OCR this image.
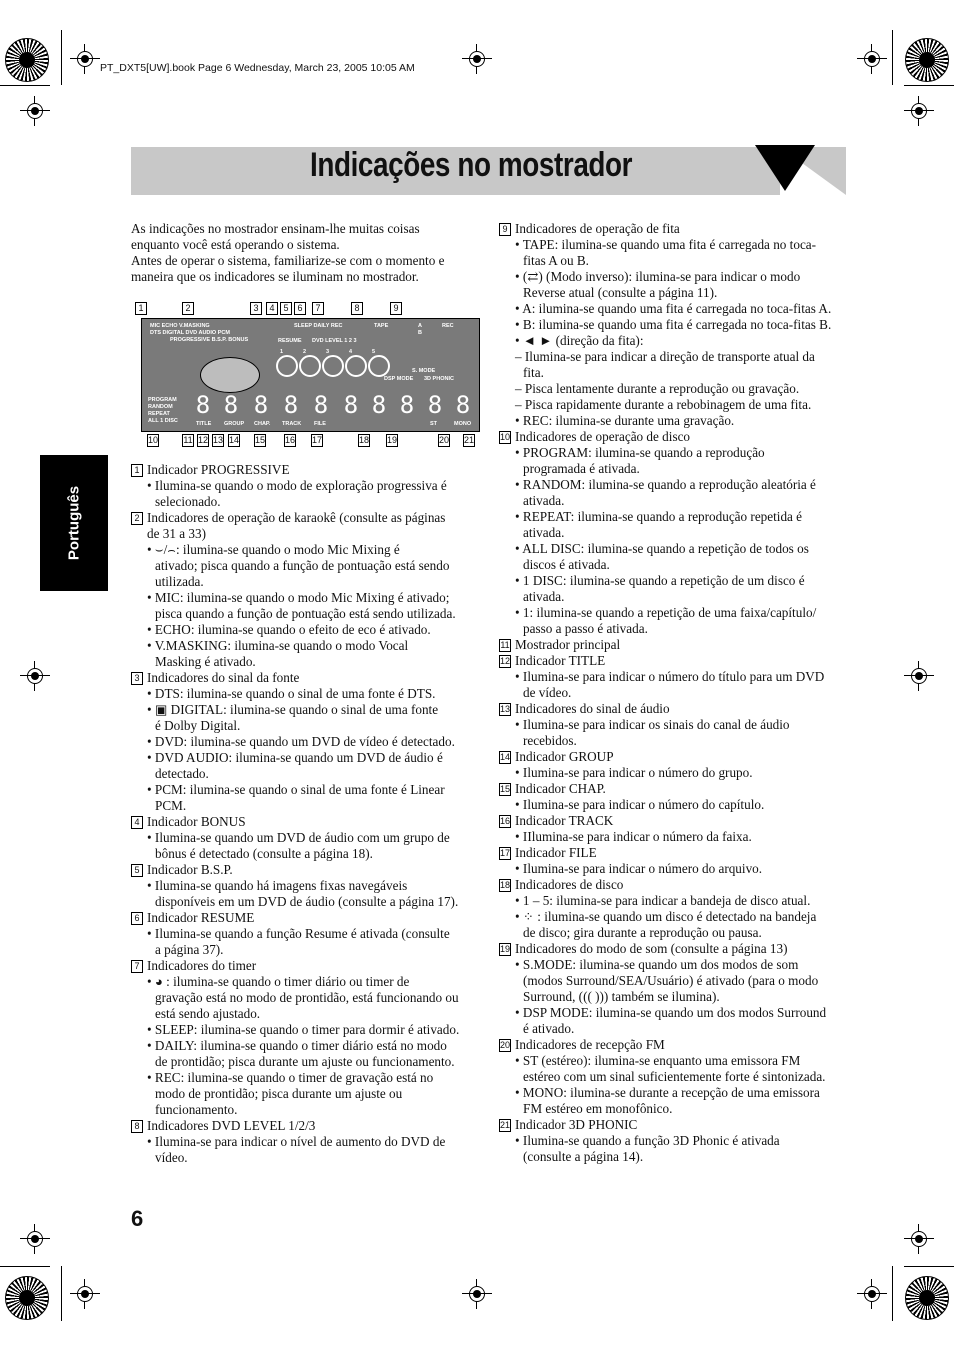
PT_DXT5[UW].book Page 6 Wednesday, March 23, 2005 10:05 AM
Indicações no mostrador
Português

As indicações no mostrador ensinam-lhe muitas coisas

enquanto você está operando o sistema.

Antes de operar o sistema, familiarize-se com o momento e

maneira que os indicadores se iluminam no mostrador.

1	2	3	4 5 6	7	8	9
MIC ECHO V.MASKING
DTS DIGITAL DVD AUDIO PCM
PROGRESSIVE B.S.P. BONUS
SLEEP DAILY REC	TAPE	A
B
REC
RESUME DVD LEVEL 1 2 3
S. MODE
DSP MODE 3D PHONIC
1	2	3	4	5
PROGRAM
RANDOM
REPEAT
ALL 1 DISC
8 8 8 8 8 8 8 8 8 8
TITLE GROUP CHAP. TRACK FILE	ST	MONO
10	11 12 13 14 15 16 17	18 19	20 21

1 Indicador PROGRESSIVE

• Ilumina-se quando o modo de exploração progressiva é

selecionado.

2 Indicadores de operação de karaokê (consulte as páginas

de 31 a 33)

• ⌣/⌢: ilumina-se quando o modo Mic Mixing é

ativado; pisca quando a função de pontuação está sendo

utilizada.

• MIC: ilumina-se quando o modo Mic Mixing é ativado;

pisca quando a função de pontuação está sendo utilizada.

• ECHO: ilumina-se quando o efeito de eco é ativado.

• V.MASKING: ilumina-se quando o modo Vocal

Masking é ativado.

3 Indicadores do sinal da fonte

• DTS: ilumina-se quando o sinal de uma fonte é DTS.

• ▣ DIGITAL: ilumina-se quando o sinal de uma fonte

é Dolby Digital.

• DVD: ilumina-se quando um DVD de vídeo é detectado.

• DVD AUDIO: ilumina-se quando um DVD de áudio é

detectado.

• PCM: ilumina-se quando o sinal de uma fonte é Linear

PCM.

4 Indicador BONUS

• Ilumina-se quando um DVD de áudio com um grupo de

bônus é detectado (consulte a página 18).

5 Indicador B.S.P.

• Ilumina-se quando há imagens fixas navegáveis

disponíveis em um DVD de áudio (consulte a página 17).

6 Indicador RESUME

• Ilumina-se quando a função Resume é ativada (consulte

a página 37).

7 Indicadores do timer

• ◕ : ilumina-se quando o timer diário ou timer de

gravação está no modo de prontidão, está funcionando ou

está sendo ajustado.

• SLEEP: ilumina-se quando o timer para dormir é ativado.

• DAILY: ilumina-se quando o timer diário está no modo

de prontidão; pisca durante um ajuste ou funcionamento.

• REC: ilumina-se quando o timer de gravação está no

modo de prontidão; pisca durante um ajuste ou

funcionamento.

8 Indicadores DVD LEVEL 1/2/3

• Ilumina-se para indicar o nível de aumento do DVD de

vídeo.

9 Indicadores de operação de fita

• TAPE: ilumina-se quando uma fita é carregada no toca-

fitas A ou B.

• (⇄) (Modo inverso): ilumina-se para indicar o modo

Reverse atual (consulte a página 11).

• A: ilumina-se quando uma fita é carregada no toca-fitas A.

• B: ilumina-se quando uma fita é carregada no toca-fitas B.

• ◄ ► (direção da fita):

– Ilumina-se para indicar a direção de transporte atual da

fita.

– Pisca lentamente durante a reprodução ou gravação.

– Pisca rapidamente durante a rebobinagem de uma fita.

• REC: ilumina-se durante uma gravação.

10 Indicadores de operação de disco

• PROGRAM: ilumina-se quando a reprodução

programada é ativada.

• RANDOM: ilumina-se quando a reprodução aleatória é

ativada.

• REPEAT: ilumina-se quando a reprodução repetida é

ativada.

• ALL DISC: ilumina-se quando a repetição de todos os

discos é ativada.

• 1 DISC: ilumina-se quando a repetição de um disco é

ativada.

• 1: ilumina-se quando a repetição de uma faixa/capítulo/

passo a passo é ativada.

11 Mostrador principal

12 Indicador TITLE

• Ilumina-se para indicar o número do título para um DVD

de vídeo.

13 Indicadores do sinal de áudio

• Ilumina-se para indicar os sinais do canal de áudio

recebidos.

14 Indicador GROUP

• Ilumina-se para indicar o número do grupo.

15 Indicador CHAP.

• Ilumina-se para indicar o número do capítulo.

16 Indicador TRACK

• IIlumina-se para indicar o número da faixa.

17 Indicador FILE

• Ilumina-se para indicar o número do arquivo.

18 Indicadores de disco

• 1 – 5: ilumina-se para indicar a bandeja de disco atual.

• ⁘ : ilumina-se quando um disco é detectado na bandeja

de disco; gira durante a reprodução ou pausa.

19 Indicadores do modo de som (consulte a página 13)

• S.MODE: ilumina-se quando um dos modos de som

(modos Surround/SEA/Usuário) é ativado (para o modo

Surround, ((( ))) também se ilumina).

• DSP MODE: ilumina-se quando um dos modos Surround

é ativado.

20 Indicadores de recepção FM

• ST (estéreo): ilumina-se enquanto uma emissora FM

estéreo com um sinal suficientemente forte é sintonizada.

• MONO: ilumina-se durante a recepção de uma emissora

FM estéreo em monofônico.

21 Indicador 3D PHONIC

• Ilumina-se quando a função 3D Phonic é ativada

(consulte a página 14).

6
